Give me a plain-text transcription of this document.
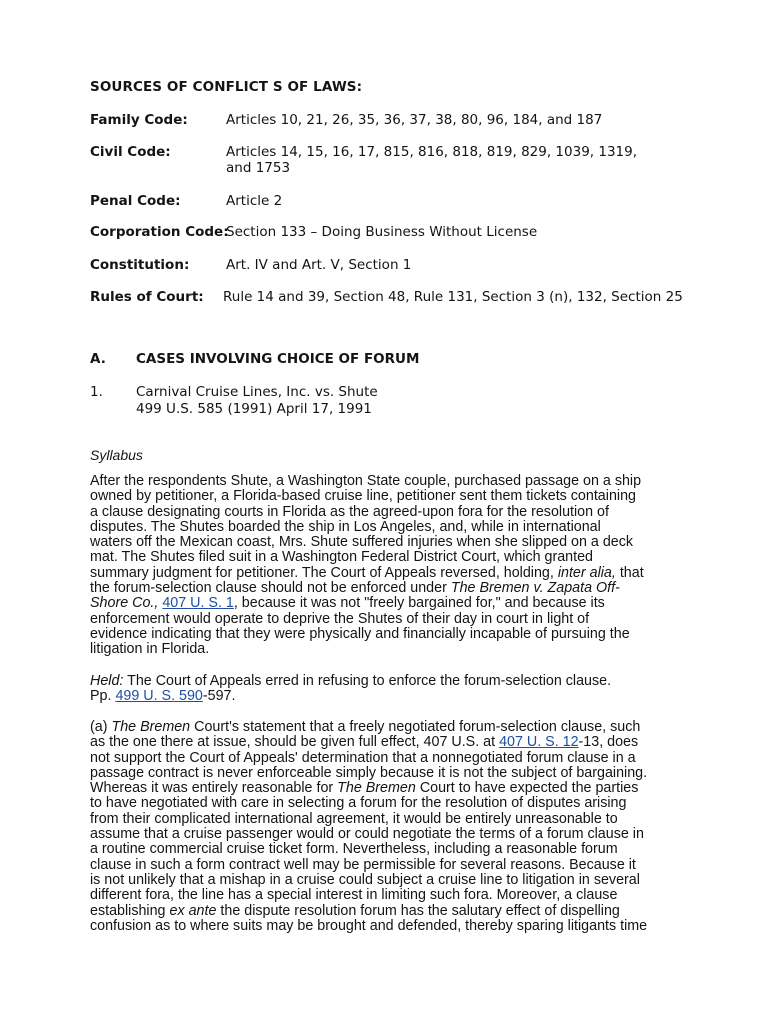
SOURCES OF CONFLICT S OF LAWS:
Family Code:	Articles 10, 21, 26, 35, 36, 37, 38, 80, 96, 184, and 187
Civil Code:	Articles 14, 15, 16, 17, 815, 816, 818, 819, 829, 1039, 1319, and 1753
Penal Code:	Article 2
Corporation Code:
Section 133 – Doing Business Without License
Constitution:	Art. IV and Art. V, Section 1
Rules of Court: Rule 14 and 39, Section 48, Rule 131, Section 3 (n), 132, Section 25
A. CASES INVOLVING CHOICE OF FORUM
1. Carnival Cruise Lines, Inc. vs. Shute
499 U.S. 585 (1991) April 17, 1991
Syllabus

After the respondents Shute, a Washington State couple, purchased passage on a ship

owned by petitioner, a Florida-based cruise line, petitioner sent them tickets containing

a clause designating courts in Florida as the agreed-upon fora for the resolution of

disputes. The Shutes boarded the ship in Los Angeles, and, while in international

waters off the Mexican coast, Mrs. Shute suffered injuries when she slipped on a deck

mat. The Shutes filed suit in a Washington Federal District Court, which granted

summary judgment for petitioner. The Court of Appeals reversed, holding, inter alia, that

the forum-selection clause should not be enforced under The Bremen v. Zapata Off-

Shore Co., 407 U. S. 1, because it was not "freely bargained for," and because its

enforcement would operate to deprive the Shutes of their day in court in light of

evidence indicating that they were physically and financially incapable of pursuing the

litigation in Florida.

Held: The Court of Appeals erred in refusing to enforce the forum-selection clause.

Pp. 499 U. S. 590-597.

(a) The Bremen Court's statement that a freely negotiated forum-selection clause, such

as the one there at issue, should be given full effect, 407 U.S. at 407 U. S. 12-13, does

not support the Court of Appeals' determination that a nonnegotiated forum clause in a

passage contract is never enforceable simply because it is not the subject of bargaining.

Whereas it was entirely reasonable for The Bremen Court to have expected the parties

to have negotiated with care in selecting a forum for the resolution of disputes arising

from their complicated international agreement, it would be entirely unreasonable to

assume that a cruise passenger would or could negotiate the terms of a forum clause in

a routine commercial cruise ticket form. Nevertheless, including a reasonable forum

clause in such a form contract well may be permissible for several reasons. Because it

is not unlikely that a mishap in a cruise could subject a cruise line to litigation in several

different fora, the line has a special interest in limiting such fora. Moreover, a clause

establishing ex ante the dispute resolution forum has the salutary effect of dispelling

confusion as to where suits may be brought and defended, thereby sparing litigants time
